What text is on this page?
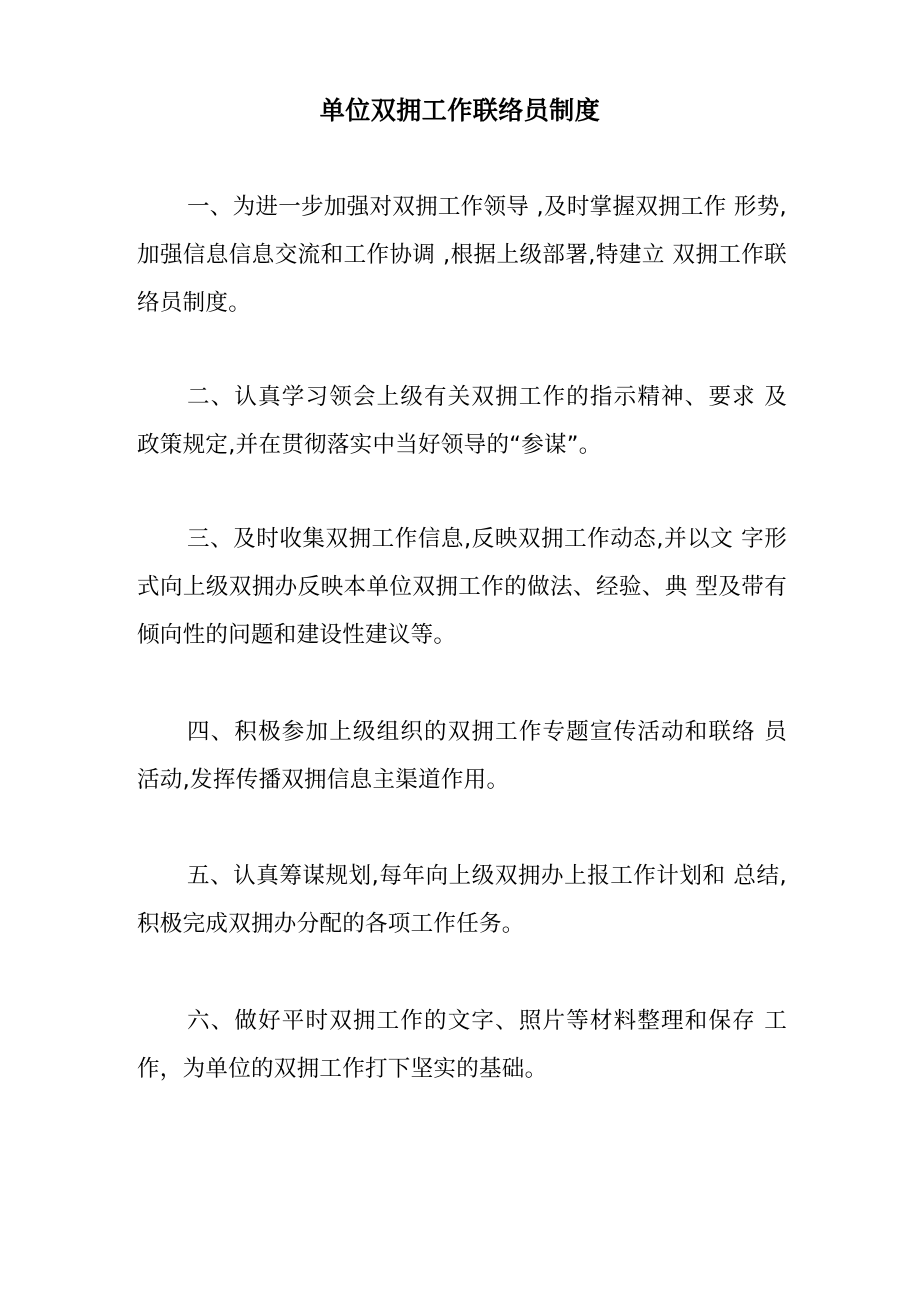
单位双拥工作联络员制度

一、为进一步加强对双拥工作领导 ,及时掌握双拥工作 形势,加强信息信息交流和工作协调 ,根据上级部署,特建立 双拥工作联络员制度。

二、认真学习领会上级有关双拥工作的指示精神、要求 及政策规定,并在贯彻落实中当好领导的“参谋”。

三、及时收集双拥工作信息,反映双拥工作动态,并以文 字形式向上级双拥办反映本单位双拥工作的做法、经验、典 型及带有倾向性的问题和建设性建议等。

四、积极参加上级组织的双拥工作专题宣传活动和联络 员活动,发挥传播双拥信息主渠道作用。

五、认真筹谋规划,每年向上级双拥办上报工作计划和 总结,积极完成双拥办分配的各项工作任务。

六、做好平时双拥工作的文字、照片等材料整理和保存 工作，为单位的双拥工作打下坚实的基础。
